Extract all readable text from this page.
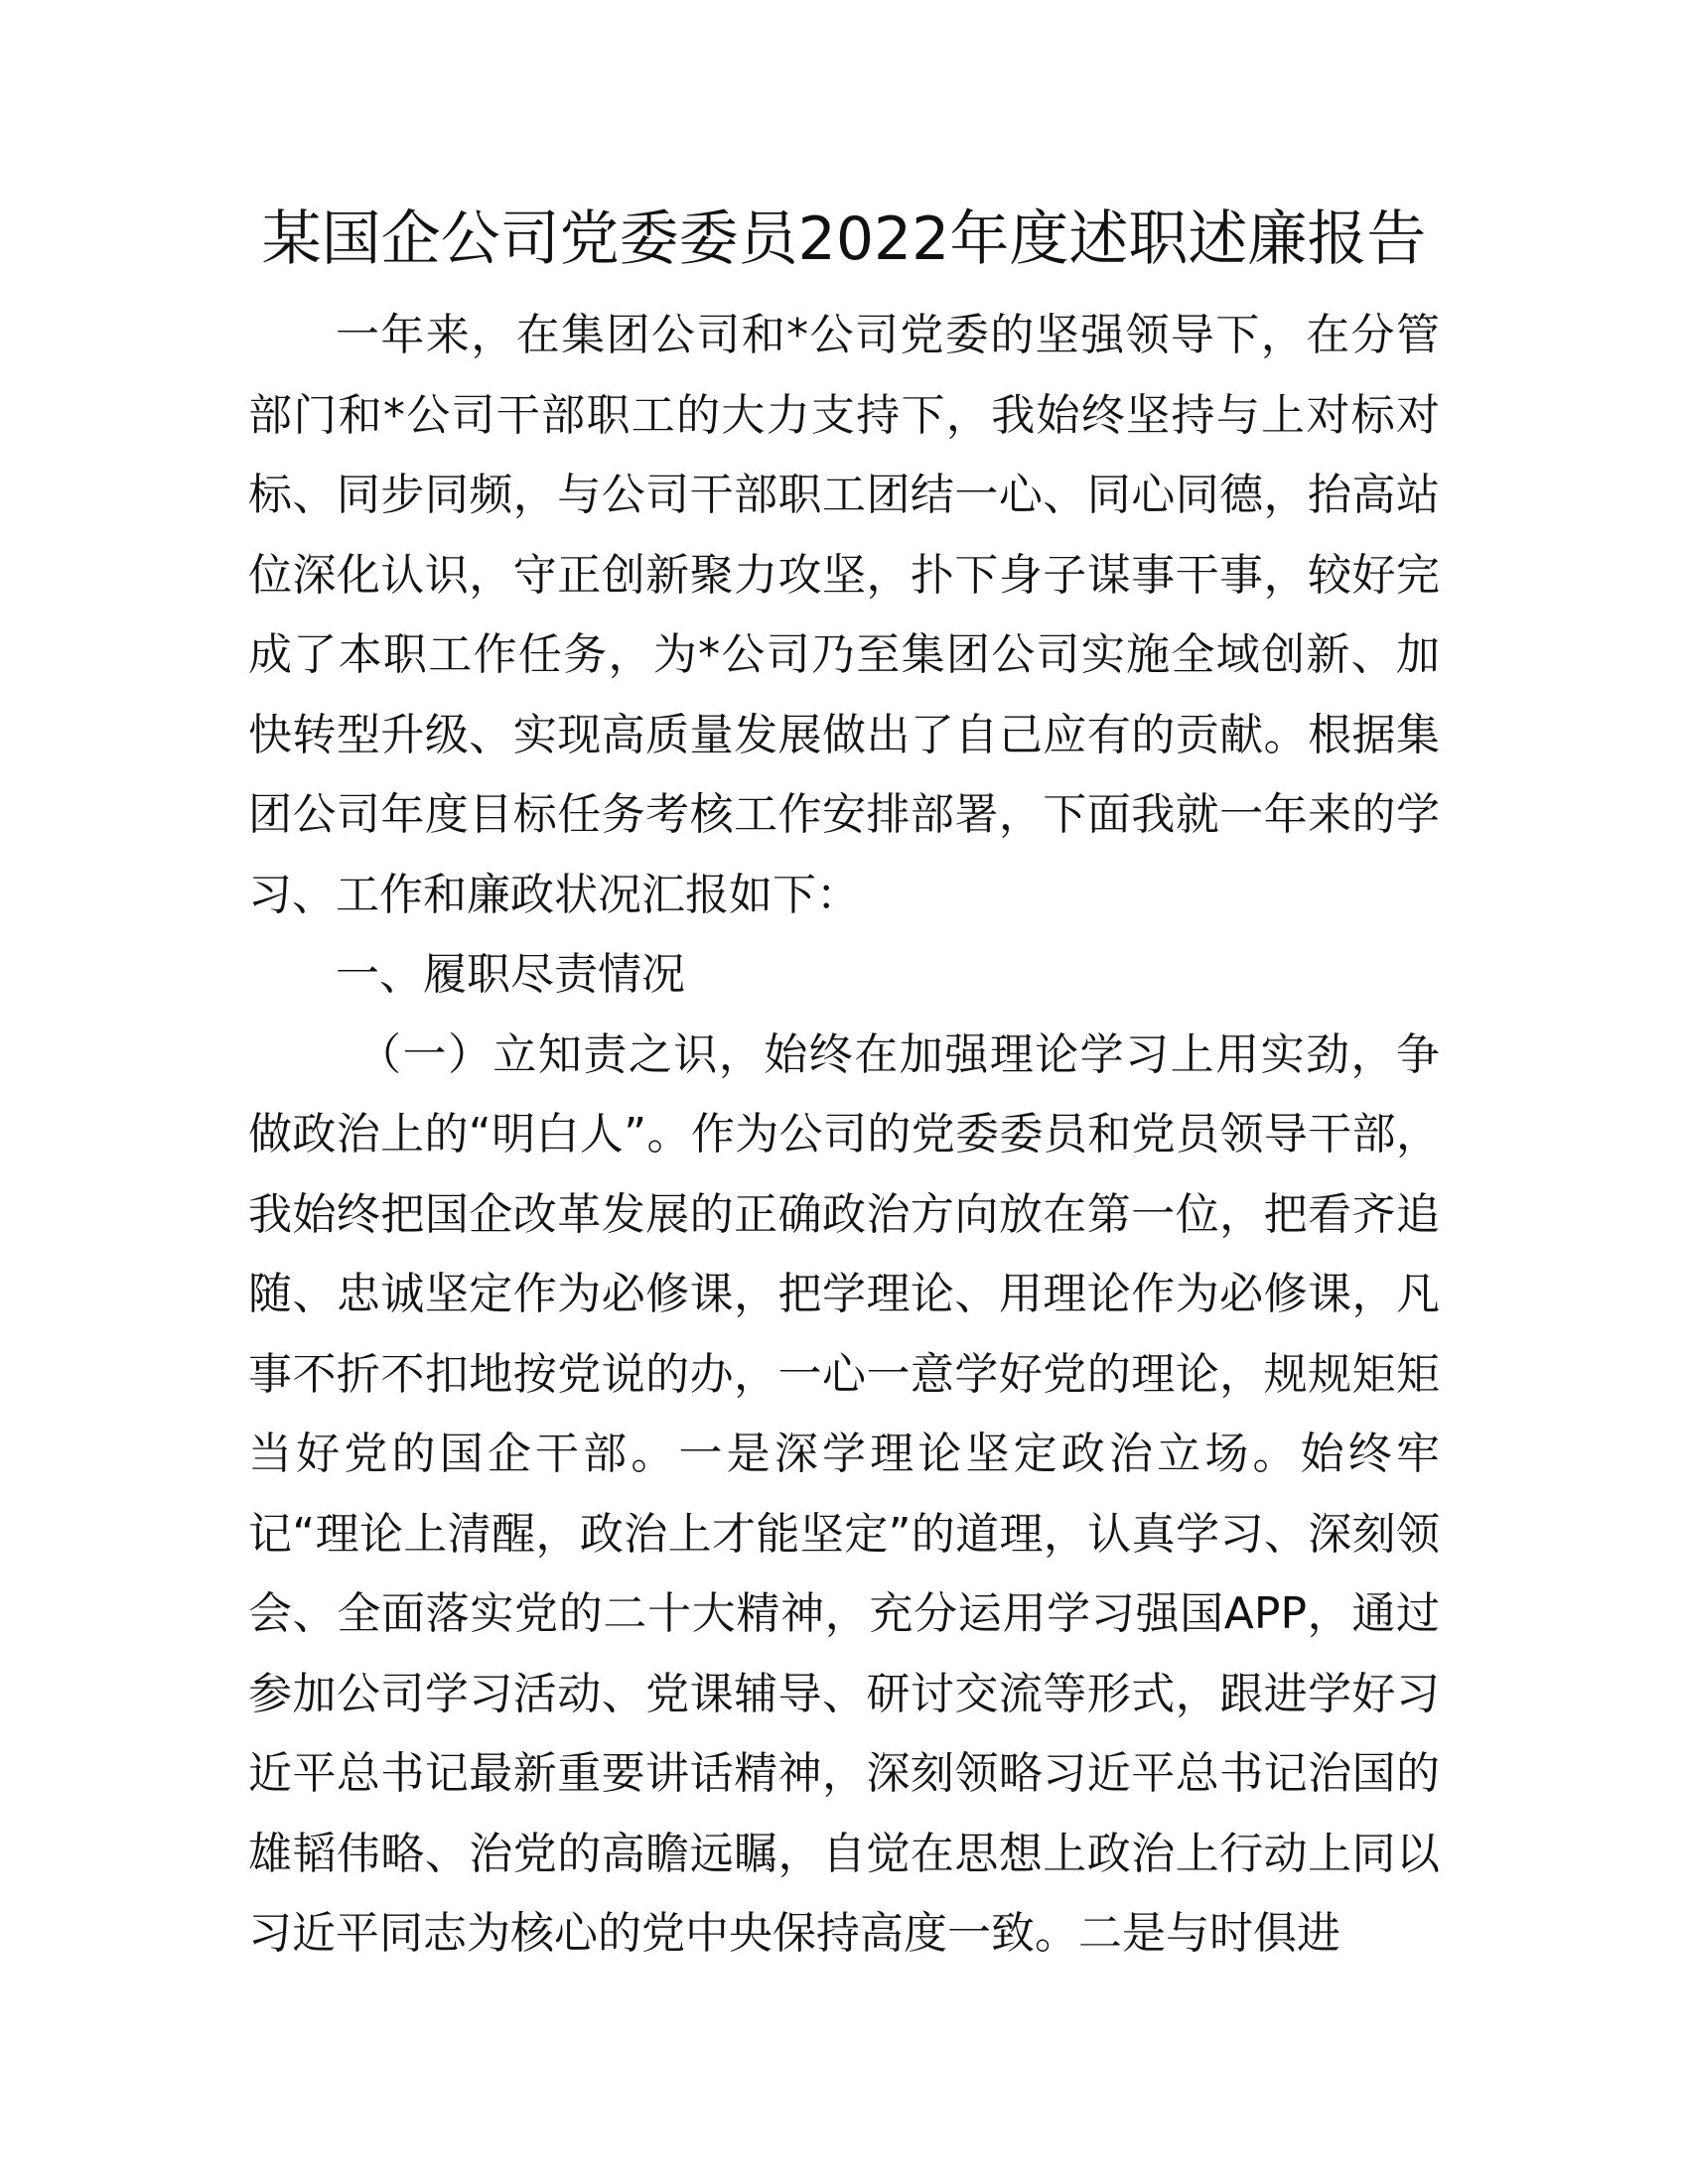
某国企公司党委委员2022年度述职述廉报告

一年来，在集团公司和*公司党委的坚强领导下，在分管部门和*公司干部职工的大力支持下，我始终坚持与上对标对标、同步同频，与公司干部职工团结一心、同心同德，抬高站位深化认识，守正创新聚力攻坚，扑下身子谋事干事，较好完成了本职工作任务，为*公司乃至集团公司实施全域创新、加快转型升级、实现高质量发展做出了自己应有的贡献。根据集团公司年度目标任务考核工作安排部署，下面我就一年来的学习、工作和廉政状况汇报如下：

一、履职尽责情况

（一）立知责之识，始终在加强理论学习上用实劲，争做政治上的“明白人”。作为公司的党委委员和党员领导干部，我始终把国企改革发展的正确政治方向放在第一位，把看齐追随、忠诚坚定作为必修课，把学理论、用理论作为必修课，凡事不折不扣地按党说的办，一心一意学好党的理论，规规矩矩当好党的国企干部。一是深学理论坚定政治立场。始终牢记“理论上清醒，政治上才能坚定”的道理，认真学习、深刻领会、全面落实党的二十大精神，充分运用学习强国APP，通过参加公司学习活动、党课辅导、研讨交流等形式，跟进学好习近平总书记最新重要讲话精神，深刻领略习近平总书记治国的雄韬伟略、治党的高瞻远瞩，自觉在思想上政治上行动上同以习近平同志为核心的党中央保持高度一致。二是与时俱进
